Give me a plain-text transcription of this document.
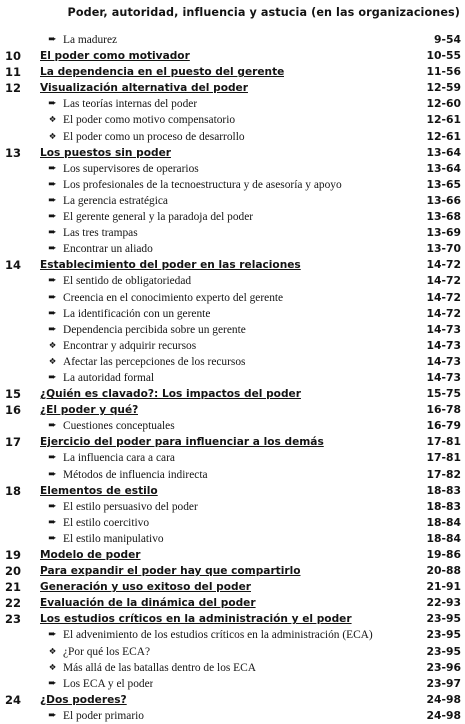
Poder, autoridad, influencia y astucia (en las organizaciones)
➨ La madurez	9-54
10	El poder como motivador	10-55
11	La dependencia en el puesto del gerente	11-56
12	Visualización alternativa del poder	12-59
➨ Las teorías internas del poder	12-60
❖ El poder como motivo compensatorio	12-61
❖ El poder como un proceso de desarrollo	12-61
13	Los puestos sin poder	13-64
➨ Los supervisores de operarios	13-64
➨ Los profesionales de la tecnoestructura y de asesoría y apoyo	13-65
➨ La gerencia estratégica	13-66
➨ El gerente general y la paradoja del poder	13-68
➨ Las tres trampas	13-69
➨ Encontrar un aliado	13-70
14	Establecimiento del poder en las relaciones	14-72
➨ El sentido de obligatoriedad	14-72
➨ Creencia en el conocimiento experto del gerente	14-72
➨ La identificación con un gerente	14-72
➨ Dependencia percibida sobre un gerente	14-73
❖ Encontrar y adquirir recursos	14-73
❖ Afectar las percepciones de los recursos	14-73
➨ La autoridad formal	14-73
15	¿Quién es clavado?: Los impactos del poder	15-75
16	¿El poder y qué?	16-78
➨ Cuestiones conceptuales	16-79
17	Ejercicio del poder para influenciar a los demás	17-81
➨ La influencia cara a cara	17-81
➨ Métodos de influencia indirecta	17-82
18	Elementos de estilo	18-83
➨ El estilo persuasivo del poder	18-83
➨ El estilo coercitivo	18-84
➨ El estilo manipulativo	18-84
19	Modelo de poder	19-86
20	Para expandir el poder hay que compartirlo	20-88
21	Generación y uso exitoso del poder	21-91
22	Evaluación de la dinámica del poder	22-93
23	Los estudios críticos en la administración y el poder	23-95
➨ El advenimiento de los estudios críticos en la administración (ECA)	23-95
❖ ¿Por qué los ECA?	23-95
❖ Más allá de las batallas dentro de los ECA	23-96
➨ Los ECA y el poder	23-97
24	¿Dos poderes?	24-98
➨ El poder primario	24-98
